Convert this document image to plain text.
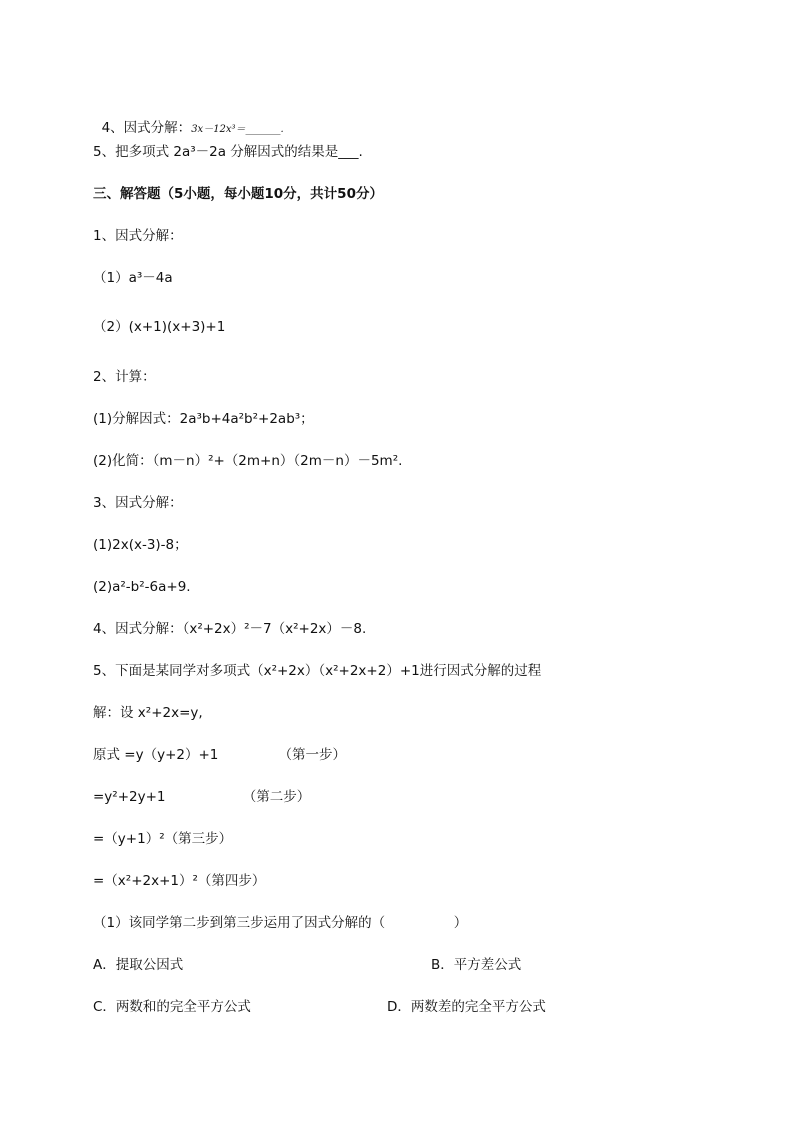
4、因式分解：3x－12x³＝_______.

5、把多项式 2a³－2a 分解因式的结果是___.
三、解答题（5小题，每小题10分，共计50分）
1、因式分解：
（1）a³－4a
（2）(x+1)(x+3)+1
2、计算：
(1)分解因式：2a³b+4a²b²+2ab³；
(2)化简：（m－n）²+（2m+n）（2m－n）－5m².
3、因式分解：
(1)2x(x-3)-8；
(2)a²-b²-6a+9.
4、因式分解：（x²+2x）²－7（x²+2x）－8.
5、下面是某同学对多项式（x²+2x）（x²+2x+2）+1进行因式分解的过程
解：设 x²+2x=y,
原式 =y（y+2）+1              （第一步）
=y²+2y+1                  （第二步）
=（y+1）²（第三步）
=（x²+2x+1）²（第四步）
（1）该同学第二步到第三步运用了因式分解的（                ）
A．提取公因式	B．平方差公式
C．两数和的完全平方公式	D．两数差的完全平方公式
